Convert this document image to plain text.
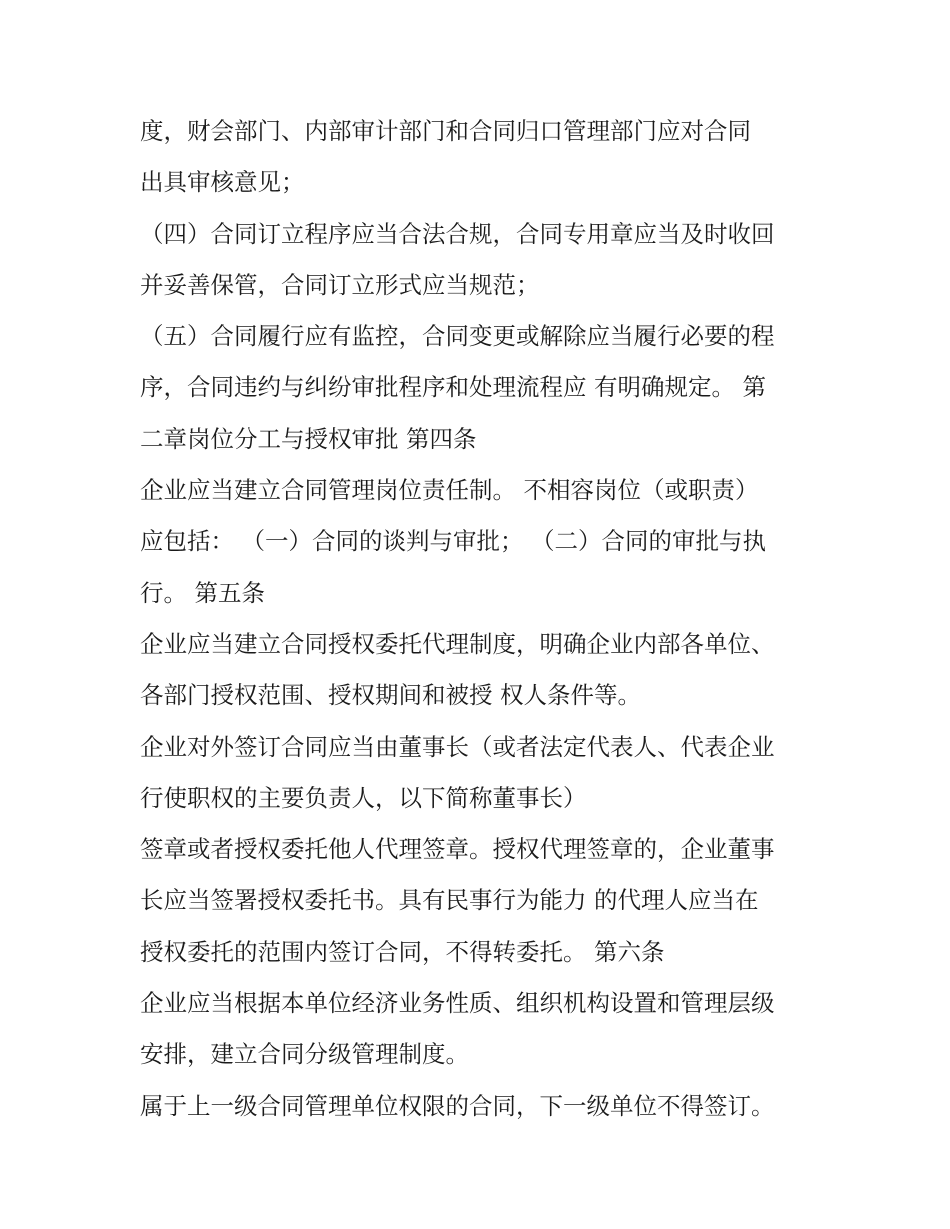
度，财会部门、内部审计部门和合同归口管理部门应对合同
出具审核意见；
（四）合同订立程序应当合法合规，合同专用章应当及时收回
并妥善保管，合同订立形式应当规范；
（五）合同履行应有监控，合同变更或解除应当履行必要的程
序，合同违约与纠纷审批程序和处理流程应 有明确规定。 第
二章岗位分工与授权审批 第四条
企业应当建立合同管理岗位责任制。 不相容岗位（或职责）
应包括： （一）合同的谈判与审批； （二）合同的审批与执
行。 第五条
企业应当建立合同授权委托代理制度，明确企业内部各单位、
各部门授权范围、授权期间和被授 权人条件等。
企业对外签订合同应当由董事长（或者法定代表人、代表企业
行使职权的主要负责人，以下简称董事长）
签章或者授权委托他人代理签章。授权代理签章的，企业董事
长应当签署授权委托书。具有民事行为能力 的代理人应当在
授权委托的范围内签订合同，不得转委托。 第六条
企业应当根据本单位经济业务性质、组织机构设置和管理层级
安排，建立合同分级管理制度。
属于上一级合同管理单位权限的合同，下一级单位不得签订。
